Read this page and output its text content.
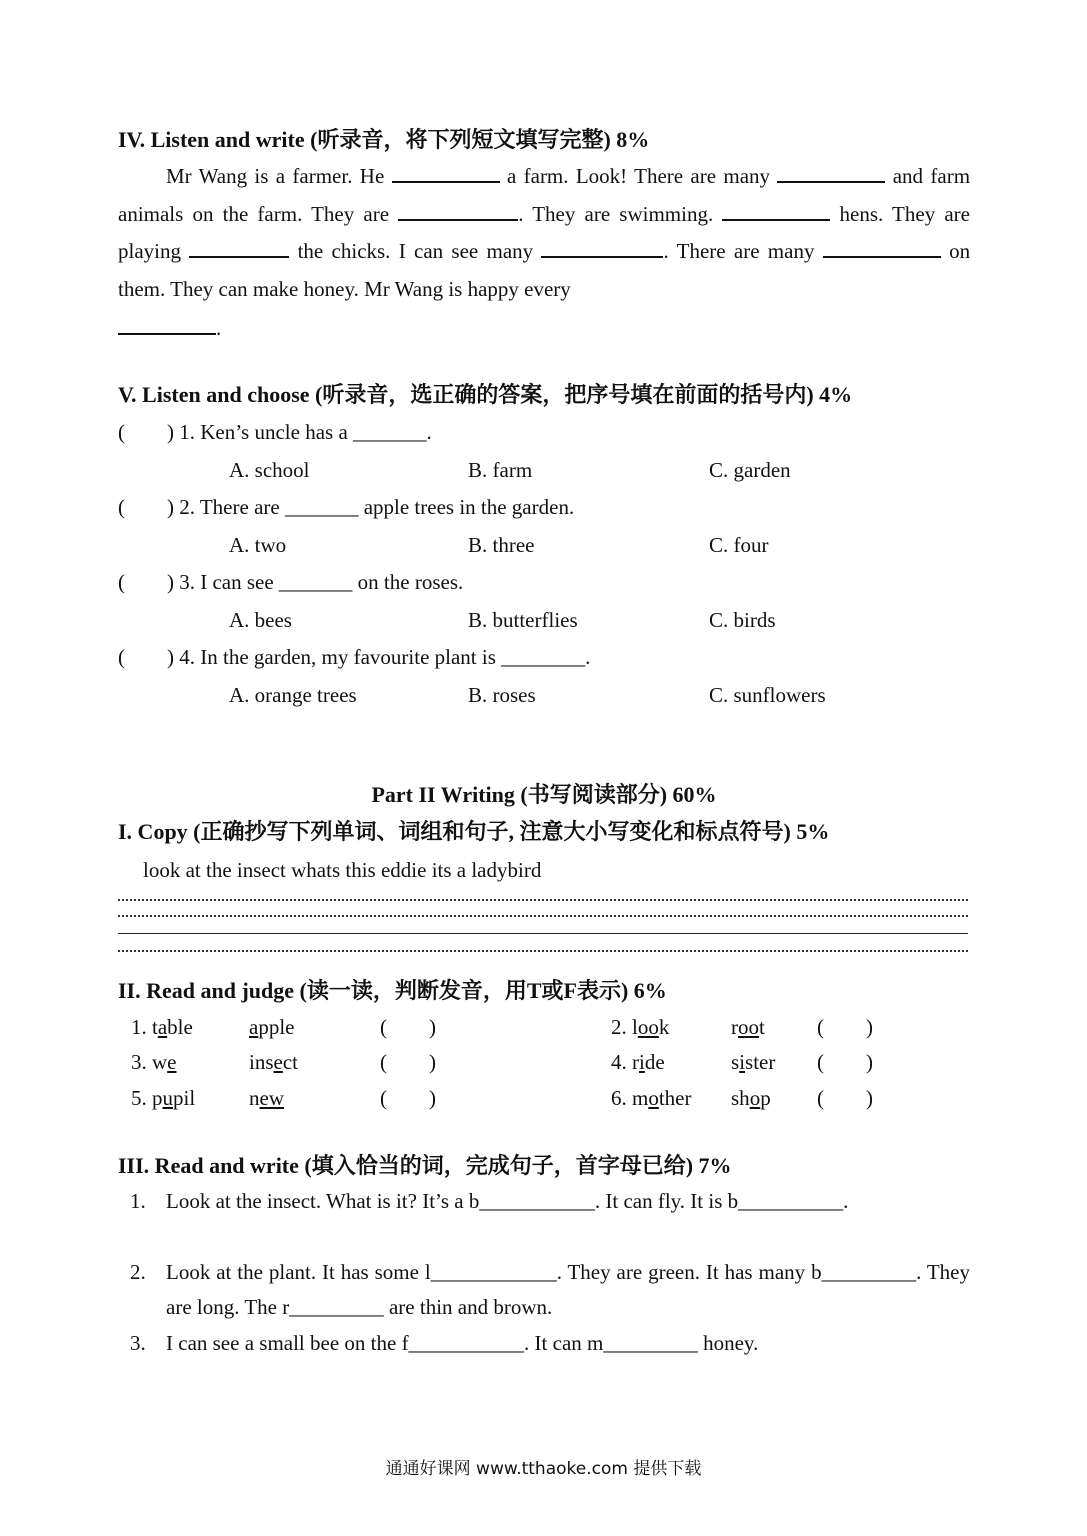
IV. Listen and write (听录音，将下列短文填写完整) 8%
Mr Wang is a farmer. He	a farm. Look! There are many	and farm animals on the farm. They are	. They are swimming.	hens. They are playing	the chicks. I can see many	. There are many	on them. They can make honey. Mr Wang is happy every

.
V. Listen and choose (听录音，选正确的答案，把序号填在前面的括号内) 4%
(        ) 1. Ken’s uncle has a _______.
A. school	B. farm	C. garden
(        ) 2. There are _______ apple trees in the garden.
A. two	B. three	C. four
(        ) 3. I can see _______ on the roses.
A. bees	B. butterflies	C. birds
(        ) 4. In the garden, my favourite plant is ________.
A. orange trees	B. roses	C. sunflowers
Part II Writing (书写阅读部分) 60%
I. Copy (正确抄写下列单词、词组和句子, 注意大小写变化和标点符号) 5%
look at the insect whats this eddie its a ladybird
II. Read and judge (读一读，判断发音，用T或F表示) 6%
1. table	apple	(        )	2. look	root (        )
3. we	insect	(        )	4. ride	sister (        )
5. pupil	new	(        )	6. mother shop (        )
III. Read and write (填入恰当的词，完成句子，首字母已给) 7%
1. Look at the insect. What is it? It’s a b___________. It can fly. It is b__________.
2. Look at the plant. It has some l____________. They are green. It has many b_________. They are long. The r_________ are thin and brown.
3. I can see a small bee on the f___________. It can m_________ honey.
通通好课网 www.tthaoke.com 提供下载
